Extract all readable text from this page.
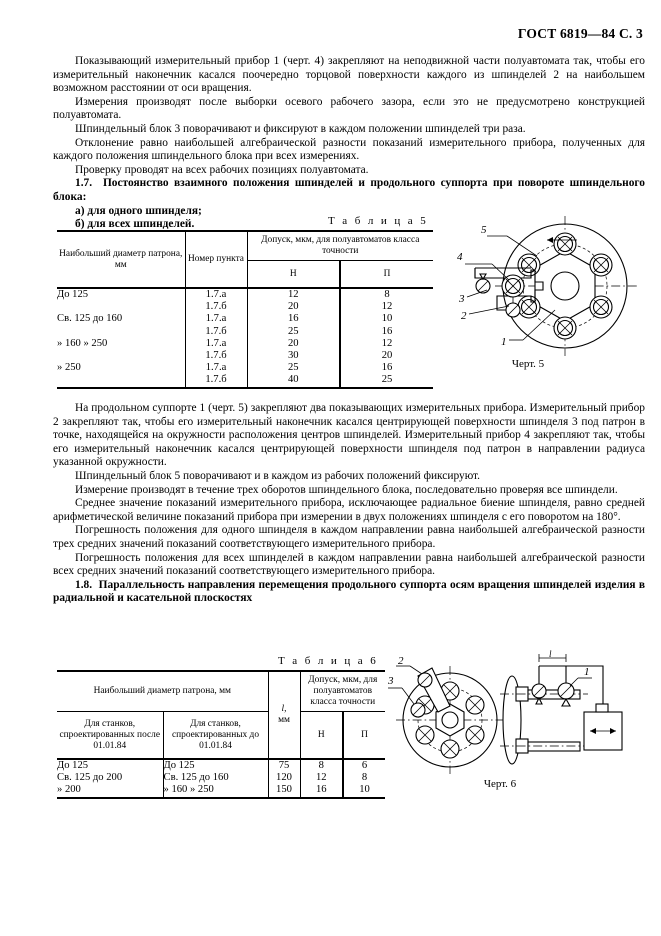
ГОСТ 6819—84 С. 3

Показывающий измерительный прибор 1 (черт. 4) закрепляют на неподвижной части полуавтомата так, чтобы его измерительный наконечник касался поочередно торцовой поверхности каждого из шпинделей 2 на наибольшем возможном расстоянии от оси вращения.

Измерения производят после выборки осевого рабочего зазора, если это не предусмотрено конструкцией полуавтомата.

Шпиндельный блок 3 поворачивают и фиксируют в каждом положении шпинделей три раза.

Отклонение равно наибольшей алгебраической разности показаний измерительного прибора, полученных для каждого положения шпиндельного блока при всех измерениях.

Проверку проводят на всех рабочих позициях полуавтомата.

1.7. Постоянство взаимного положения шпинделей и продольного суппорта при повороте шпиндельного блока:

а) для одного шпинделя;

б) для всех шпинделей.	Т а б л и ц а 5
Наибольший диаметр патрона, мм	Номер пункта	Допуск, мкм, для полуавтоматов класса точности	
		Н	П
До 125	1.7.а	12	8
	1.7.б	20	12
Св. 125 до 160	1.7.а	16	10
	1.7.б	25	16
» 160 » 250	1.7.а	20	12
	1.7.б	30	20
» 250	1.7.а	25	16
	1.7.б	40	25
5
4
3
2
1
Черт. 5

На продольном суппорте 1 (черт. 5) закрепляют два показывающих измерительных прибора. Измерительный прибор 2 закрепляют так, чтобы его измерительный наконечник касался центрирующей поверхности шпинделя 3 под патрон в точке, находящейся на окружности расположения центров шпинделей. Измерительный прибор 4 закрепляют так, чтобы его измерительный наконечник касался центрирующей поверхности шпинделя под патрон в направлении радиуса указанной окружности.

Шпиндельный блок 5 поворачивают и в каждом из рабочих положений фиксируют.

Измерение производят в течение трех оборотов шпиндельного блока, последовательно проверяя все шпиндели.

Среднее значение показаний измерительного прибора, исключающее радиальное биение шпинделя, равно средней арифметической величине показаний прибора при измерении в двух положениях шпинделя с его поворотом на 180°.

Погрешность положения для одного шпинделя в каждом направлении равна наибольшей алгебраической разности трех средних значений показаний соответствующего измерительного прибора.

Погрешность положения для всех шпинделей в каждом направлении равна наибольшей алгебраической разности всех средних значений показаний соответствующего измерительного прибора.

1.8. Параллельность направления перемещения продольного суппорта осям вращения шпинделей изделия в радиальной и касательной плоскостях

Т а б л и ц а 6
Наибольший диаметр патрона, мм		l,
мм	Допуск, мкм, для полуавтоматов класса точности	
Для станков, спроектированных после 01.01.84	Для станков, спроектированных до 01.01.84		Н	П
До 125	До 125	75	8	6
Св. 125 до 200	Св. 125 до 160	120	12	8
» 200	» 160 » 250	150	16	10
2
3
l
1
Черт. 6
